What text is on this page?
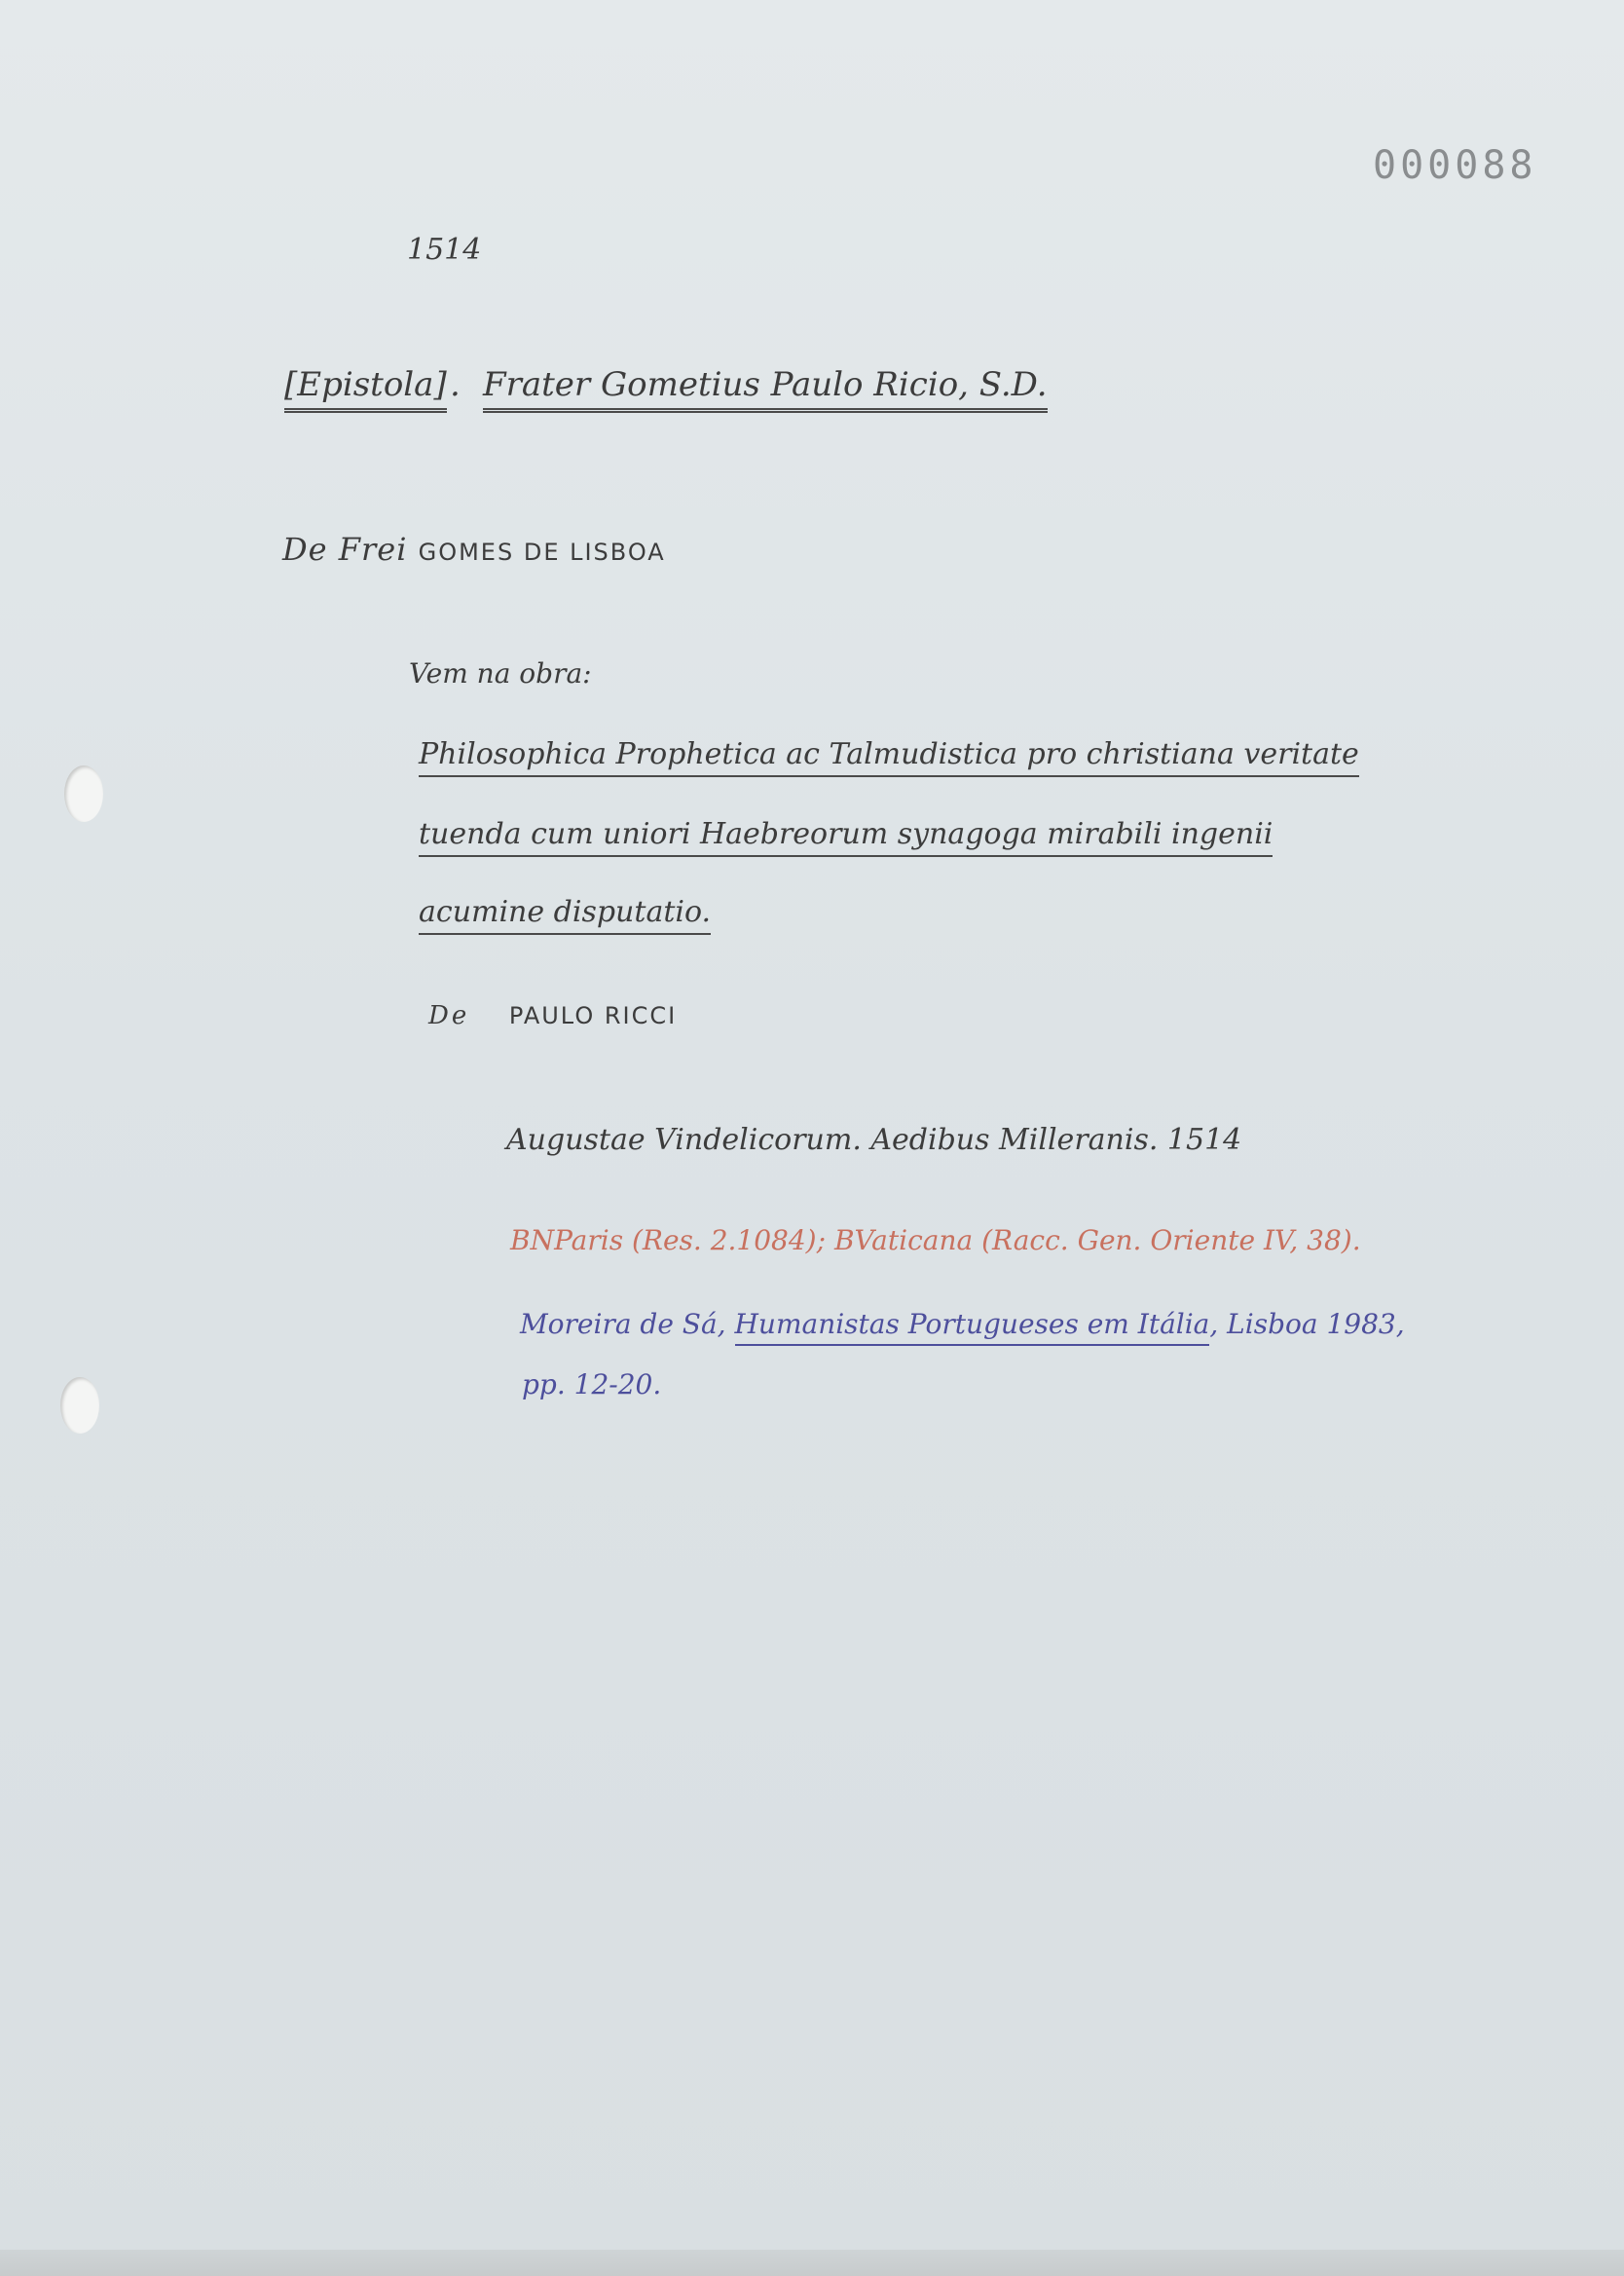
000088
1514
[Epistola] . Frater Gometius Paulo Ricio, S.D.
De Frei GOMES DE LISBOA
Vem na obra:
Philosophica Prophetica ac Talmudistica pro christiana veritate
tuenda cum uniori Haebreorum synagoga mirabili ingenii
acumine disputatio.
De PAULO RICCI
Augustae Vindelicorum. Aedibus Milleranis. 1514
BNParis (Res. 2.1084); BVaticana (Racc. Gen. Oriente IV, 38).
Moreira de Sá, Humanistas Portugueses em Itália, Lisboa 1983,
pp. 12-20.
